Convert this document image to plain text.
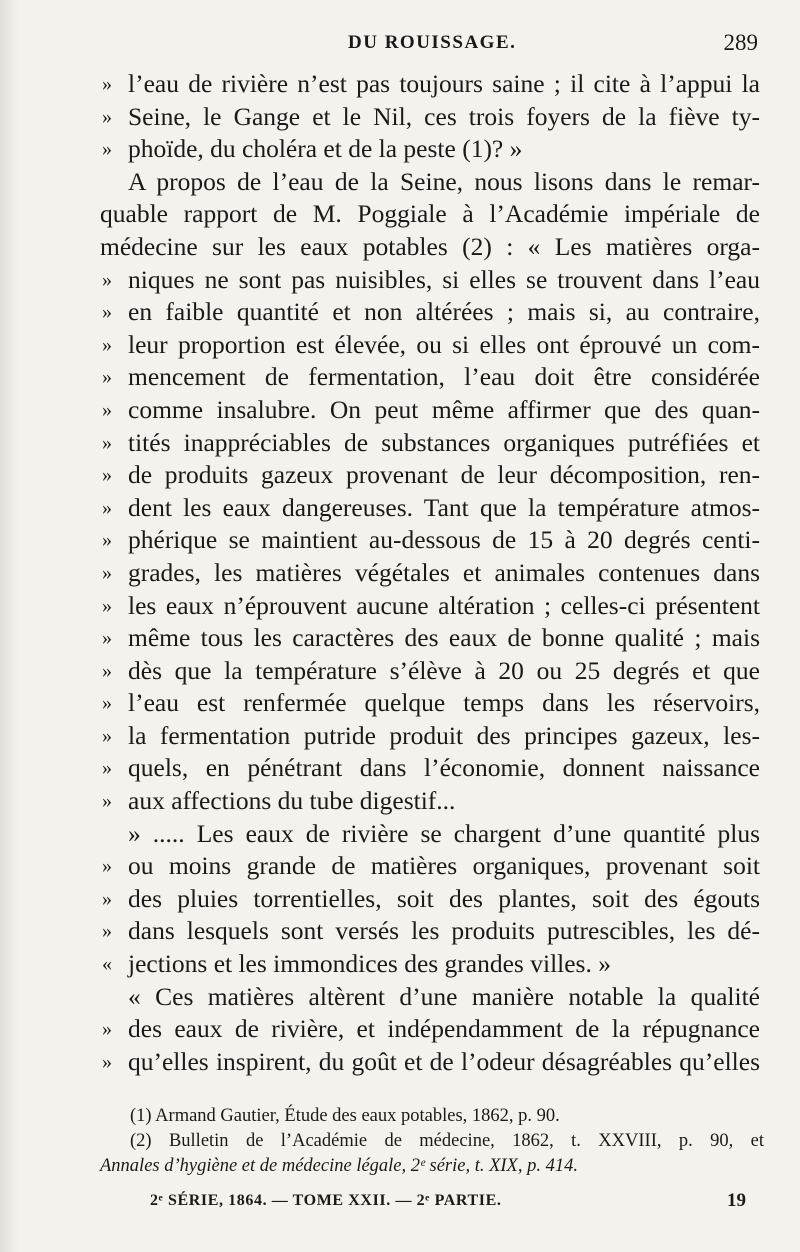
DU ROUISSAGE.	289
» l’eau de rivière n’est pas toujours saine ; il cite à l’appui la
» Seine, le Gange et le Nil, ces trois foyers de la fiève ty-
» phoïde, du choléra et de la peste (1)? »
A propos de l’eau de la Seine, nous lisons dans le remar-
quable rapport de M. Poggiale à l’Académie impériale de
médecine sur les eaux potables (2) : « Les matières orga-
» niques ne sont pas nuisibles, si elles se trouvent dans l’eau
» en faible quantité et non altérées ; mais si, au contraire,
» leur proportion est élevée, ou si elles ont éprouvé un com-
» mencement de fermentation, l’eau doit être considérée
» comme insalubre. On peut même affirmer que des quan-
» tités inappréciables de substances organiques putréfiées et
» de produits gazeux provenant de leur décomposition, ren-
» dent les eaux dangereuses. Tant que la température atmos-
» phérique se maintient au-dessous de 15 à 20 degrés centi-
» grades, les matières végétales et animales contenues dans
» les eaux n’éprouvent aucune altération ; celles-ci présentent
» même tous les caractères des eaux de bonne qualité ; mais
» dès que la température s’élève à 20 ou 25 degrés et que
» l’eau est renfermée quelque temps dans les réservoirs,
» la fermentation putride produit des principes gazeux, les-
» quels, en pénétrant dans l’économie, donnent naissance
» aux affections du tube digestif...
» ..... Les eaux de rivière se chargent d’une quantité plus
» ou moins grande de matières organiques, provenant soit
» des pluies torrentielles, soit des plantes, soit des égouts
» dans lesquels sont versés les produits putrescibles, les dé-
« jections et les immondices des grandes villes. »
« Ces matières altèrent d’une manière notable la qualité
» des eaux de rivière, et indépendamment de la répugnance
» qu’elles inspirent, du goût et de l’odeur désagréables qu’elles
(1) Armand Gautier, Étude des eaux potables, 1862, p. 90.
(2) Bulletin de l’Académie de médecine, 1862, t. XXVIII, p. 90, et
Annales d’hygiène et de médecine légale, 2ᵉ série, t. XIX, p. 414.
2ᵉ SÉRIE, 1864. — TOME XXII. — 2ᵉ PARTIE.	19
